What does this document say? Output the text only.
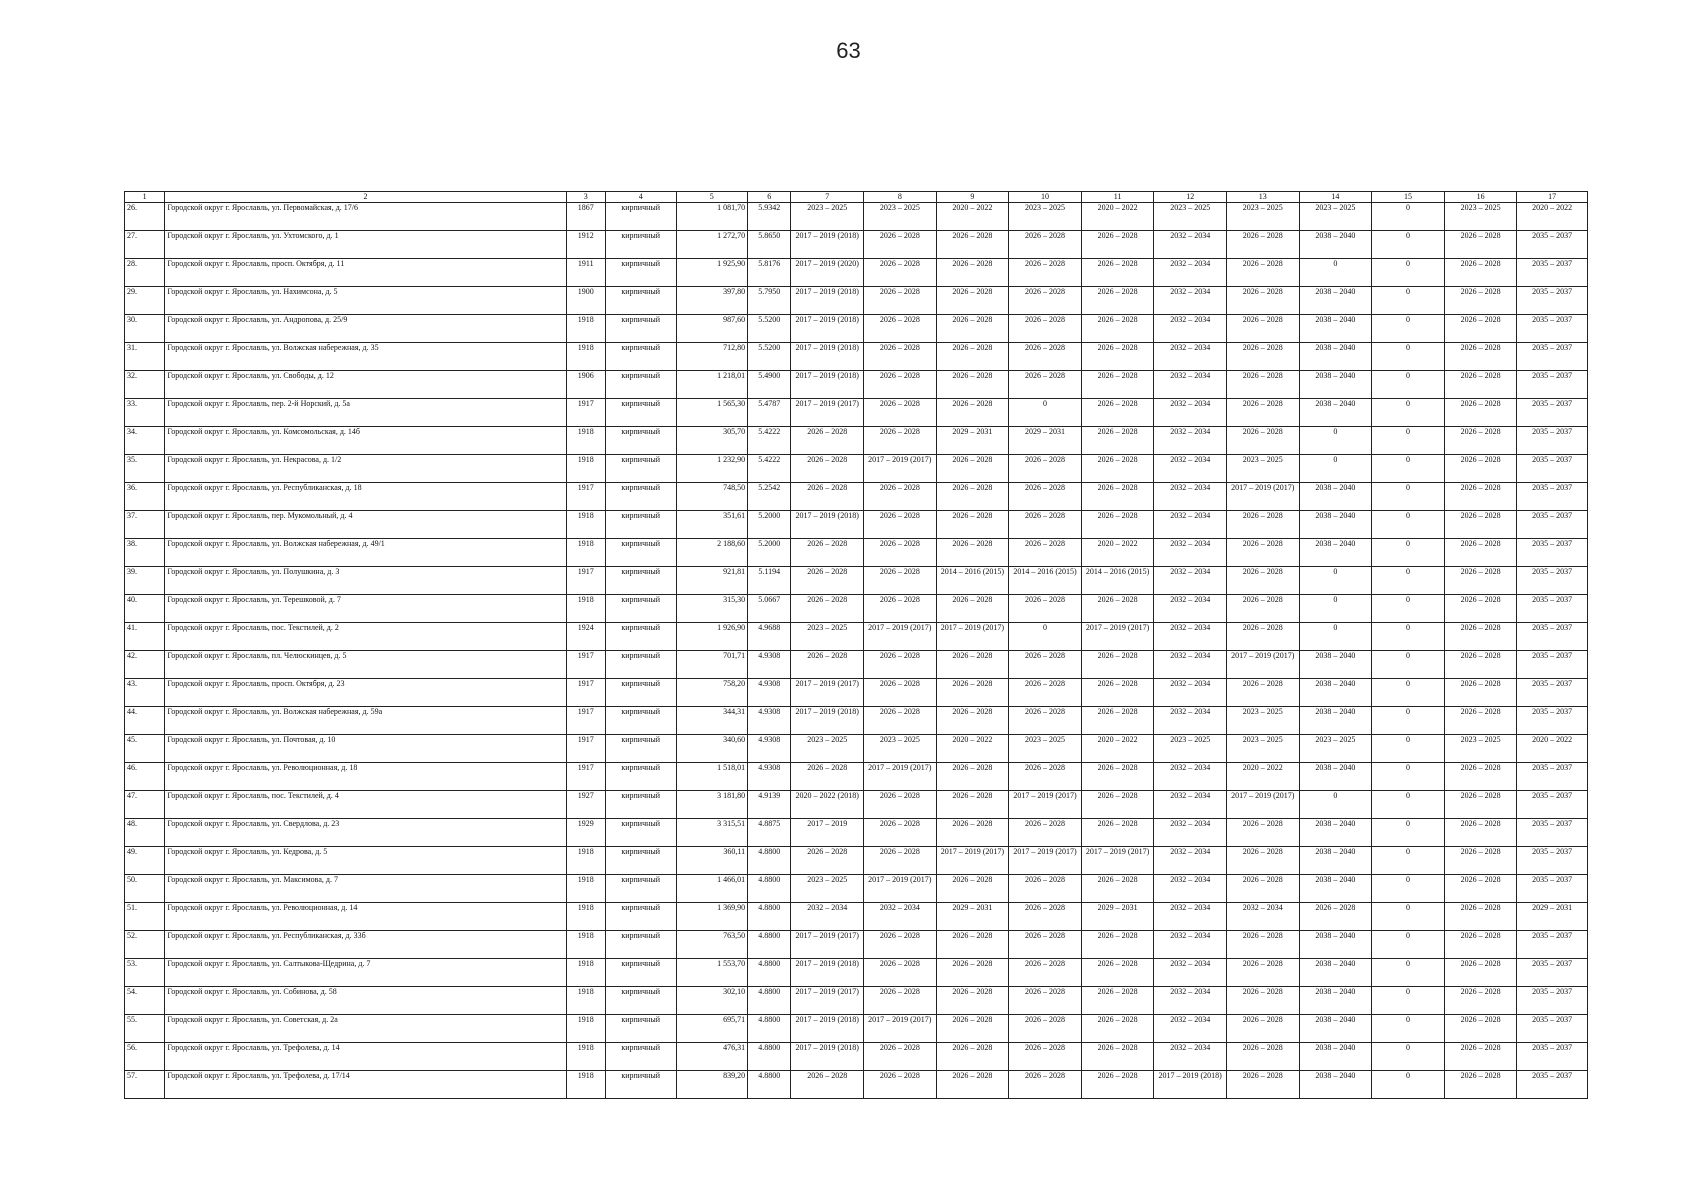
63
1	2	3	4	5	6	7	8	9	10	11	12	13	14	15	16	17
26.	Городской округ г. Ярославль, ул. Первомайская, д. 17/6	1867	кирпичный	1 081,70	5.9342	2023 – 2025	2023 – 2025	2020 – 2022	2023 – 2025	2020 – 2022	2023 – 2025	2023 – 2025	2023 – 2025	0	2023 – 2025	2020 – 2022
27.	Городской округ г. Ярославль, ул. Ухтомского, д. 1	1912	кирпичный	1 272,70	5.8650	2017 – 2019 (2018)	2026 – 2028	2026 – 2028	2026 – 2028	2026 – 2028	2032 – 2034	2026 – 2028	2038 – 2040	0	2026 – 2028	2035 – 2037
28.	Городской округ г. Ярославль, просп. Октября, д. 11	1911	кирпичный	1 925,90	5.8176	2017 – 2019 (2020)	2026 – 2028	2026 – 2028	2026 – 2028	2026 – 2028	2032 – 2034	2026 – 2028	0	0	2026 – 2028	2035 – 2037
29.	Городской округ г. Ярославль, ул. Нахимсона, д. 5	1900	кирпичный	397,80	5.7950	2017 – 2019 (2018)	2026 – 2028	2026 – 2028	2026 – 2028	2026 – 2028	2032 – 2034	2026 – 2028	2038 – 2040	0	2026 – 2028	2035 – 2037
30.	Городской округ г. Ярославль, ул. Андропова, д. 25/9	1918	кирпичный	987,60	5.5200	2017 – 2019 (2018)	2026 – 2028	2026 – 2028	2026 – 2028	2026 – 2028	2032 – 2034	2026 – 2028	2038 – 2040	0	2026 – 2028	2035 – 2037
31.	Городской округ г. Ярославль, ул. Волжская набережная, д. 35	1918	кирпичный	712,80	5.5200	2017 – 2019 (2018)	2026 – 2028	2026 – 2028	2026 – 2028	2026 – 2028	2032 – 2034	2026 – 2028	2038 – 2040	0	2026 – 2028	2035 – 2037
32.	Городской округ г. Ярославль, ул. Свободы, д. 12	1906	кирпичный	1 218,01	5.4900	2017 – 2019 (2018)	2026 – 2028	2026 – 2028	2026 – 2028	2026 – 2028	2032 – 2034	2026 – 2028	2038 – 2040	0	2026 – 2028	2035 – 2037
33.	Городской округ г. Ярославль, пер. 2-й Норский, д. 5а	1917	кирпичный	1 565,30	5.4787	2017 – 2019 (2017)	2026 – 2028	2026 – 2028	0	2026 – 2028	2032 – 2034	2026 – 2028	2038 – 2040	0	2026 – 2028	2035 – 2037
34.	Городской округ г. Ярославль, ул. Комсомольская, д. 14б	1918	кирпичный	305,70	5.4222	2026 – 2028	2026 – 2028	2029 – 2031	2029 – 2031	2026 – 2028	2032 – 2034	2026 – 2028	0	0	2026 – 2028	2035 – 2037
35.	Городской округ г. Ярославль, ул. Некрасова, д. 1/2	1918	кирпичный	1 232,90	5.4222	2026 – 2028	2017 – 2019 (2017)	2026 – 2028	2026 – 2028	2026 – 2028	2032 – 2034	2023 – 2025	0	0	2026 – 2028	2035 – 2037
36.	Городской округ г. Ярославль, ул. Республиканская, д. 18	1917	кирпичный	748,50	5.2542	2026 – 2028	2026 – 2028	2026 – 2028	2026 – 2028	2026 – 2028	2032 – 2034	2017 – 2019 (2017)	2038 – 2040	0	2026 – 2028	2035 – 2037
37.	Городской округ г. Ярославль, пер. Мукомольный, д. 4	1918	кирпичный	351,61	5.2000	2017 – 2019 (2018)	2026 – 2028	2026 – 2028	2026 – 2028	2026 – 2028	2032 – 2034	2026 – 2028	2038 – 2040	0	2026 – 2028	2035 – 2037
38.	Городской округ г. Ярославль, ул. Волжская набережная, д. 49/1	1918	кирпичный	2 188,60	5.2000	2026 – 2028	2026 – 2028	2026 – 2028	2026 – 2028	2020 – 2022	2032 – 2034	2026 – 2028	2038 – 2040	0	2026 – 2028	2035 – 2037
39.	Городской округ г. Ярославль, ул. Полушкина, д. 3	1917	кирпичный	921,81	5.1194	2026 – 2028	2026 – 2028	2014 – 2016 (2015)	2014 – 2016 (2015)	2014 – 2016 (2015)	2032 – 2034	2026 – 2028	0	0	2026 – 2028	2035 – 2037
40.	Городской округ г. Ярославль, ул. Терешковой, д. 7	1918	кирпичный	315,30	5.0667	2026 – 2028	2026 – 2028	2026 – 2028	2026 – 2028	2026 – 2028	2032 – 2034	2026 – 2028	0	0	2026 – 2028	2035 – 2037
41.	Городской округ г. Ярославль, пос. Текстилей, д. 2	1924	кирпичный	1 926,90	4.9688	2023 – 2025	2017 – 2019 (2017)	2017 – 2019 (2017)	0	2017 – 2019 (2017)	2032 – 2034	2026 – 2028	0	0	2026 – 2028	2035 – 2037
42.	Городской округ г. Ярославль, пл. Челюскинцев, д. 5	1917	кирпичный	701,71	4.9308	2026 – 2028	2026 – 2028	2026 – 2028	2026 – 2028	2026 – 2028	2032 – 2034	2017 – 2019 (2017)	2038 – 2040	0	2026 – 2028	2035 – 2037
43.	Городской округ г. Ярославль, просп. Октября, д. 23	1917	кирпичный	758,20	4.9308	2017 – 2019 (2017)	2026 – 2028	2026 – 2028	2026 – 2028	2026 – 2028	2032 – 2034	2026 – 2028	2038 – 2040	0	2026 – 2028	2035 – 2037
44.	Городской округ г. Ярославль, ул. Волжская набережная, д. 59а	1917	кирпичный	344,31	4.9308	2017 – 2019 (2018)	2026 – 2028	2026 – 2028	2026 – 2028	2026 – 2028	2032 – 2034	2023 – 2025	2038 – 2040	0	2026 – 2028	2035 – 2037
45.	Городской округ г. Ярославль, ул. Почтовая, д. 10	1917	кирпичный	340,60	4.9308	2023 – 2025	2023 – 2025	2020 – 2022	2023 – 2025	2020 – 2022	2023 – 2025	2023 – 2025	2023 – 2025	0	2023 – 2025	2020 – 2022
46.	Городской округ г. Ярославль, ул. Революционная, д. 18	1917	кирпичный	1 518,01	4.9308	2026 – 2028	2017 – 2019 (2017)	2026 – 2028	2026 – 2028	2026 – 2028	2032 – 2034	2020 – 2022	2038 – 2040	0	2026 – 2028	2035 – 2037
47.	Городской округ г. Ярославль, пос. Текстилей, д. 4	1927	кирпичный	3 181,80	4.9139	2020 – 2022 (2018)	2026 – 2028	2026 – 2028	2017 – 2019 (2017)	2026 – 2028	2032 – 2034	2017 – 2019 (2017)	0	0	2026 – 2028	2035 – 2037
48.	Городской округ г. Ярославль, ул. Свердлова, д. 23	1929	кирпичный	3 315,51	4.8875	2017 – 2019	2026 – 2028	2026 – 2028	2026 – 2028	2026 – 2028	2032 – 2034	2026 – 2028	2038 – 2040	0	2026 – 2028	2035 – 2037
49.	Городской округ г. Ярославль, ул. Кедрова, д. 5	1918	кирпичный	360,11	4.8800	2026 – 2028	2026 – 2028	2017 – 2019 (2017)	2017 – 2019 (2017)	2017 – 2019 (2017)	2032 – 2034	2026 – 2028	2038 – 2040	0	2026 – 2028	2035 – 2037
50.	Городской округ г. Ярославль, ул. Максимова, д. 7	1918	кирпичный	1 466,01	4.8800	2023 – 2025	2017 – 2019 (2017)	2026 – 2028	2026 – 2028	2026 – 2028	2032 – 2034	2026 – 2028	2038 – 2040	0	2026 – 2028	2035 – 2037
51.	Городской округ г. Ярославль, ул. Революционная, д. 14	1918	кирпичный	1 369,90	4.8800	2032 – 2034	2032 – 2034	2029 – 2031	2026 – 2028	2029 – 2031	2032 – 2034	2032 – 2034	2026 – 2028	0	2026 – 2028	2029 – 2031
52.	Городской округ г. Ярославль, ул. Республиканская, д. 33б	1918	кирпичный	763,50	4.8800	2017 – 2019 (2017)	2026 – 2028	2026 – 2028	2026 – 2028	2026 – 2028	2032 – 2034	2026 – 2028	2038 – 2040	0	2026 – 2028	2035 – 2037
53.	Городской округ г. Ярославль, ул. Салтыкова-Щедрина, д. 7	1918	кирпичный	1 553,70	4.8800	2017 – 2019 (2018)	2026 – 2028	2026 – 2028	2026 – 2028	2026 – 2028	2032 – 2034	2026 – 2028	2038 – 2040	0	2026 – 2028	2035 – 2037
54.	Городской округ г. Ярославль, ул. Собинова, д. 58	1918	кирпичный	302,10	4.8800	2017 – 2019 (2017)	2026 – 2028	2026 – 2028	2026 – 2028	2026 – 2028	2032 – 2034	2026 – 2028	2038 – 2040	0	2026 – 2028	2035 – 2037
55.	Городской округ г. Ярославль, ул. Советская, д. 2а	1918	кирпичный	695,71	4.8800	2017 – 2019 (2018)	2017 – 2019 (2017)	2026 – 2028	2026 – 2028	2026 – 2028	2032 – 2034	2026 – 2028	2038 – 2040	0	2026 – 2028	2035 – 2037
56.	Городской округ г. Ярославль, ул. Трефолева, д. 14	1918	кирпичный	476,31	4.8800	2017 – 2019 (2018)	2026 – 2028	2026 – 2028	2026 – 2028	2026 – 2028	2032 – 2034	2026 – 2028	2038 – 2040	0	2026 – 2028	2035 – 2037
57.	Городской округ г. Ярославль, ул. Трефолева, д. 17/14	1918	кирпичный	839,20	4.8800	2026 – 2028	2026 – 2028	2026 – 2028	2026 – 2028	2026 – 2028	2017 – 2019 (2018)	2026 – 2028	2038 – 2040	0	2026 – 2028	2035 – 2037
